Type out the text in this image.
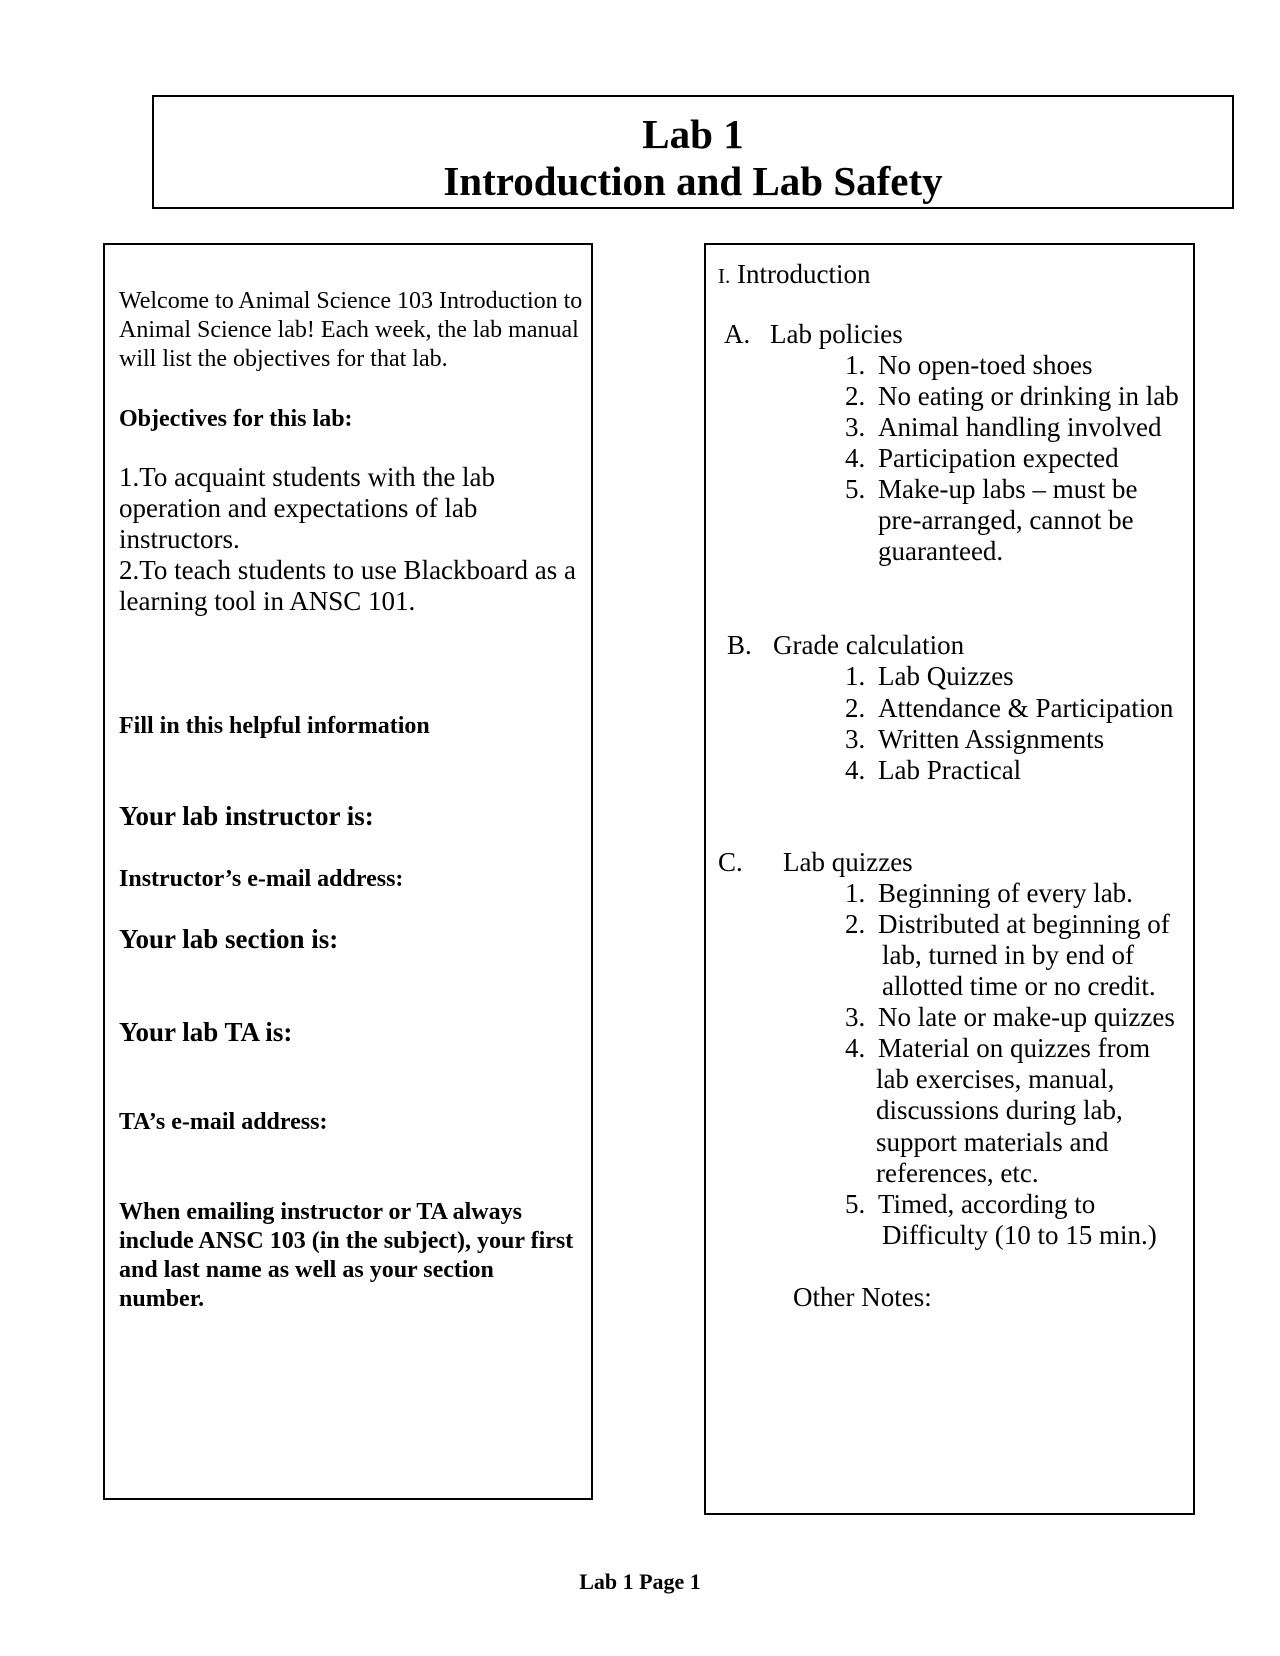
Lab 1
Introduction and Lab Safety
Welcome to Animal Science 103 Introduction to Animal Science lab! Each week, the lab manual will list the objectives for that lab.
Objectives for this lab:
1.To acquaint students with the lab operation and expectations of lab instructors.
2.To teach students to use Blackboard as a learning tool in ANSC 101.
Fill in this helpful information
Your lab instructor is:
Instructor’s e-mail address:
Your lab section is:
Your lab TA is:
TA’s e-mail address:
When emailing instructor or TA always include ANSC 103 (in the subject), your first and last name as well as your section number.
I. Introduction
A. Lab policies
1. No open-toed shoes
2. No eating or drinking in lab
3. Animal handling involved
4. Participation expected
5. Make-up labs – must be
pre-arranged, cannot be
guaranteed.
B. Grade calculation
1. Lab Quizzes
2. Attendance & Participation
3. Written Assignments
4. Lab Practical
C. Lab quizzes
1. Beginning of every lab.
2. Distributed at beginning of
lab, turned in by end of
allotted time or no credit.
3. No late or make-up quizzes
4. Material on quizzes from
lab exercises, manual,
discussions during lab,
support materials and
references, etc.
5. Timed, according to
Difficulty (10 to 15 min.)
Other Notes:
Lab 1 Page 1
